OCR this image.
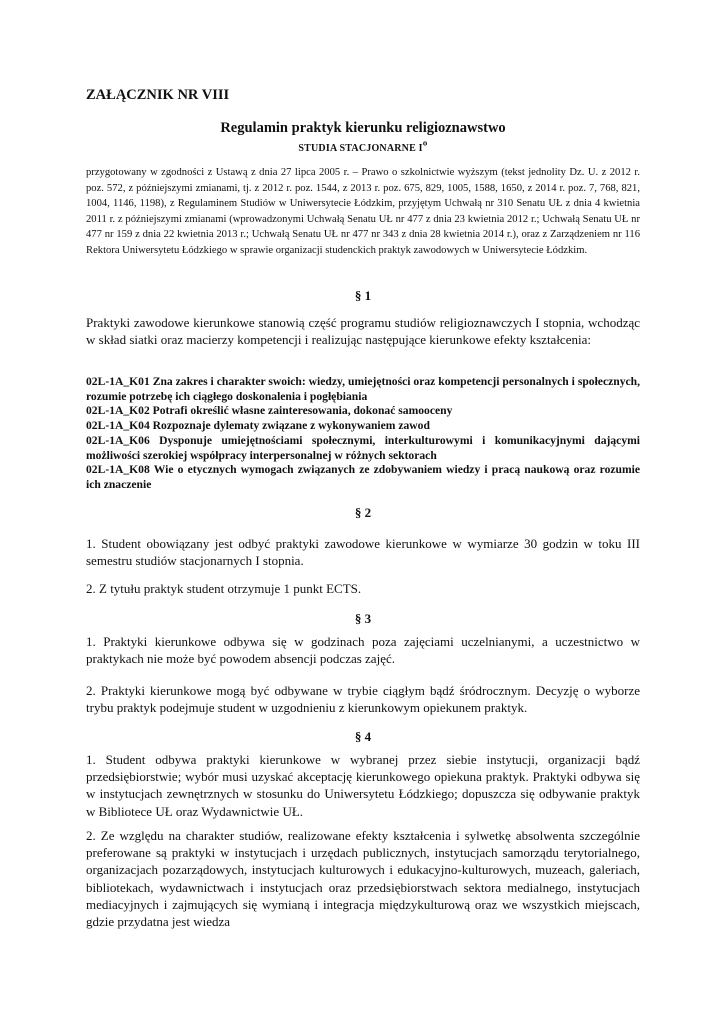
ZAŁĄCZNIK NR VIII
Regulamin praktyk kierunku religioznawstwo
STUDIA STACJONARNE Iº

przygotowany w zgodności z Ustawą z dnia 27 lipca 2005 r. – Prawo o szkolnictwie wyższym (tekst jednolity Dz. U. z 2012 r. poz. 572, z późniejszymi zmianami, tj. z 2012 r. poz. 1544, z 2013 r. poz. 675, 829, 1005, 1588, 1650, z 2014 r. poz. 7, 768, 821, 1004, 1146, 1198), z Regulaminem Studiów w Uniwersytecie Łódzkim, przyjętym Uchwałą nr 310 Senatu UŁ z dnia 4 kwietnia 2011 r. z późniejszymi zmianami (wprowadzonymi Uchwałą Senatu UŁ nr 477 z dnia 23 kwietnia 2012 r.; Uchwałą Senatu UŁ nr 477 nr 159 z dnia 22 kwietnia 2013 r.; Uchwałą Senatu UŁ nr 477 nr 343 z dnia 28 kwietnia 2014 r.), oraz z Zarządzeniem nr 116 Rektora Uniwersytetu Łódzkiego w sprawie organizacji studenckich praktyk zawodowych w Uniwersytecie Łódzkim.

§ 1

Praktyki zawodowe kierunkowe stanowią część programu studiów religioznawczych I stopnia, wchodząc w skład siatki oraz macierzy kompetencji i realizując następujące kierunkowe efekty kształcenia:

02L-1A_K01 Zna zakres i charakter swoich: wiedzy, umiejętności oraz kompetencji personalnych i społecznych, rozumie potrzebę ich ciągłego doskonalenia i pogłębiania
02L-1A_K02 Potrafi określić własne zainteresowania, dokonać samooceny
02L-1A_K04 Rozpoznaje dylematy związane z wykonywaniem zawod
02L-1A_K06 Dysponuje umiejętnościami społecznymi, interkulturowymi i komunikacyjnymi dającymi możliwości szerokiej współpracy interpersonalnej w różnych sektorach
02L-1A_K08 Wie o etycznych wymogach związanych ze zdobywaniem wiedzy i pracą naukową oraz rozumie ich znaczenie
§ 2

1. Student obowiązany jest odbyć praktyki zawodowe kierunkowe w wymiarze 30 godzin w toku III semestru studiów stacjonarnych I stopnia.

2. Z tytułu praktyk student otrzymuje 1 punkt ECTS.

§ 3

1. Praktyki kierunkowe odbywa się w godzinach poza zajęciami uczelnianymi, a uczestnictwo w praktykach nie może być powodem absencji podczas zajęć.

2. Praktyki kierunkowe mogą być odbywane w trybie ciągłym bądź śródrocznym. Decyzję o wyborze trybu praktyk podejmuje student w uzgodnieniu z kierunkowym opiekunem praktyk.

§ 4

1. Student odbywa praktyki kierunkowe w wybranej przez siebie instytucji, organizacji bądź przedsiębiorstwie; wybór musi uzyskać akceptację kierunkowego opiekuna praktyk. Praktyki odbywa się w instytucjach zewnętrznych w stosunku do Uniwersytetu Łódzkiego; dopuszcza się odbywanie praktyk w Bibliotece UŁ oraz Wydawnictwie UŁ.

2. Ze względu na charakter studiów, realizowane efekty kształcenia i sylwetkę absolwenta szczególnie preferowane są praktyki w instytucjach i urzędach publicznych, instytucjach samorządu terytorialnego, organizacjach pozarządowych, instytucjach kulturowych i edukacyjno-kulturowych, muzeach, galeriach, bibliotekach, wydawnictwach i instytucjach oraz przedsiębiorstwach sektora medialnego, instytucjach mediacyjnych i zajmujących się wymianą i integracja międzykulturową oraz we wszystkich miejscach, gdzie przydatna jest wiedza
